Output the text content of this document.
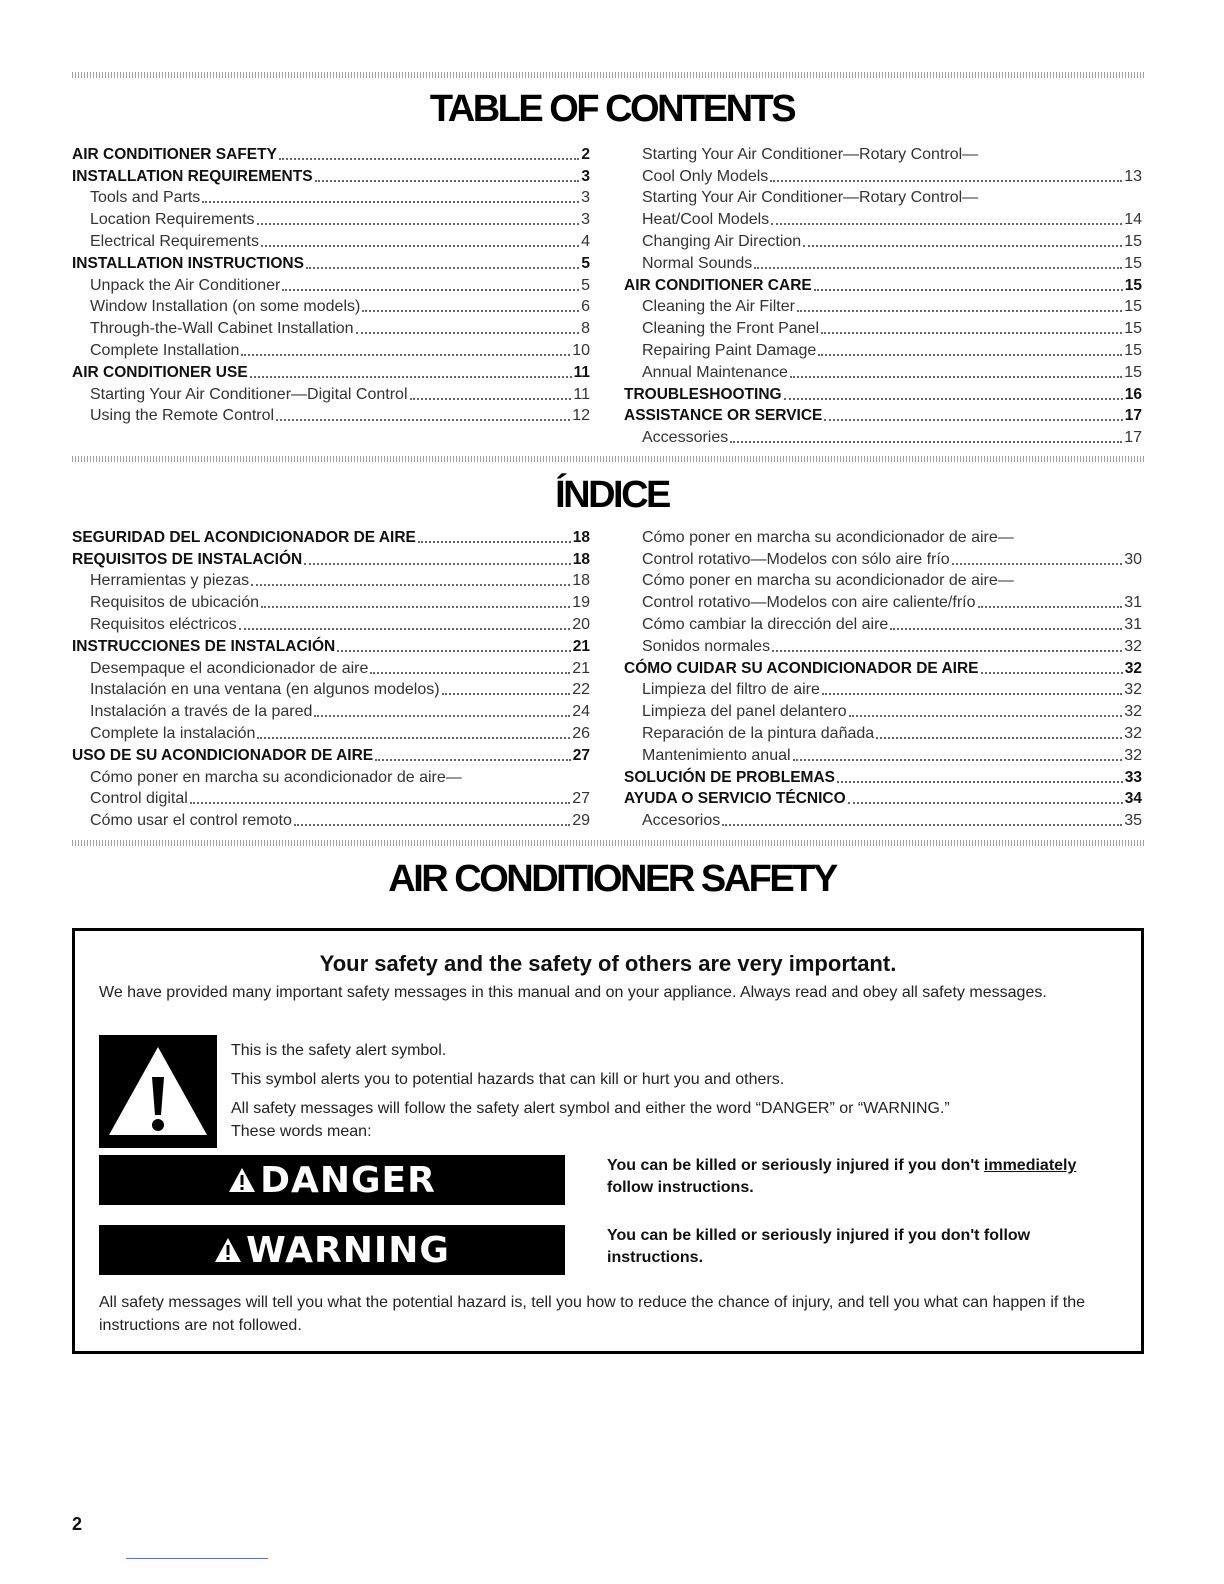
TABLE OF CONTENTS
AIR CONDITIONER SAFETY	2
INSTALLATION REQUIREMENTS	3
Tools and Parts	3
Location Requirements	3
Electrical Requirements	4
INSTALLATION INSTRUCTIONS	5
Unpack the Air Conditioner	5
Window Installation (on some models)	6
Through-the-Wall Cabinet Installation	8
Complete Installation	10
AIR CONDITIONER USE	11
Starting Your Air Conditioner—Digital Control	11
Using the Remote Control	12
Starting Your Air Conditioner—Rotary Control—
Cool Only Models	13
Starting Your Air Conditioner—Rotary Control—
Heat/Cool Models	14
Changing Air Direction	15
Normal Sounds	15
AIR CONDITIONER CARE	15
Cleaning the Air Filter	15
Cleaning the Front Panel	15
Repairing Paint Damage	15
Annual Maintenance	15
TROUBLESHOOTING	16
ASSISTANCE OR SERVICE	17
Accessories	17
ÍNDICE
SEGURIDAD DEL ACONDICIONADOR DE AIRE	18
REQUISITOS DE INSTALACIÓN	18
Herramientas y piezas	18
Requisitos de ubicación	19
Requisitos eléctricos	20
INSTRUCCIONES DE INSTALACIÓN	21
Desempaque el acondicionador de aire	21
Instalación en una ventana (en algunos modelos)	22
Instalación a través de la pared	24
Complete la instalación	26
USO DE SU ACONDICIONADOR DE AIRE	27
Cómo poner en marcha su acondicionador de aire—
Control digital	27
Cómo usar el control remoto	29
Cómo poner en marcha su acondicionador de aire—
Control rotativo—Modelos con sólo aire frío	30
Cómo poner en marcha su acondicionador de aire—
Control rotativo—Modelos con aire caliente/frío	31
Cómo cambiar la dirección del aire	31
Sonidos normales	32
CÓMO CUIDAR SU ACONDICIONADOR DE AIRE	32
Limpieza del filtro de aire	32
Limpieza del panel delantero	32
Reparación de la pintura dañada	32
Mantenimiento anual	32
SOLUCIÓN DE PROBLEMAS	33
AYUDA O SERVICIO TÉCNICO	34
Accesorios	35
AIR CONDITIONER SAFETY
Your safety and the safety of others are very important.
We have provided many important safety messages in this manual and on your appliance. Always read and obey all safety messages.
This is the safety alert symbol.
This symbol alerts you to potential hazards that can kill or hurt you and others.
All safety messages will follow the safety alert symbol and either the word “DANGER” or “WARNING.”
These words mean:
DANGER	You can be killed or seriously injured if you don't immediately
follow instructions.
WARNING	You can be killed or seriously injured if you don't follow instructions.
All safety messages will tell you what the potential hazard is, tell you how to reduce the chance of injury, and tell you what can happen if the instructions are not followed.
2
